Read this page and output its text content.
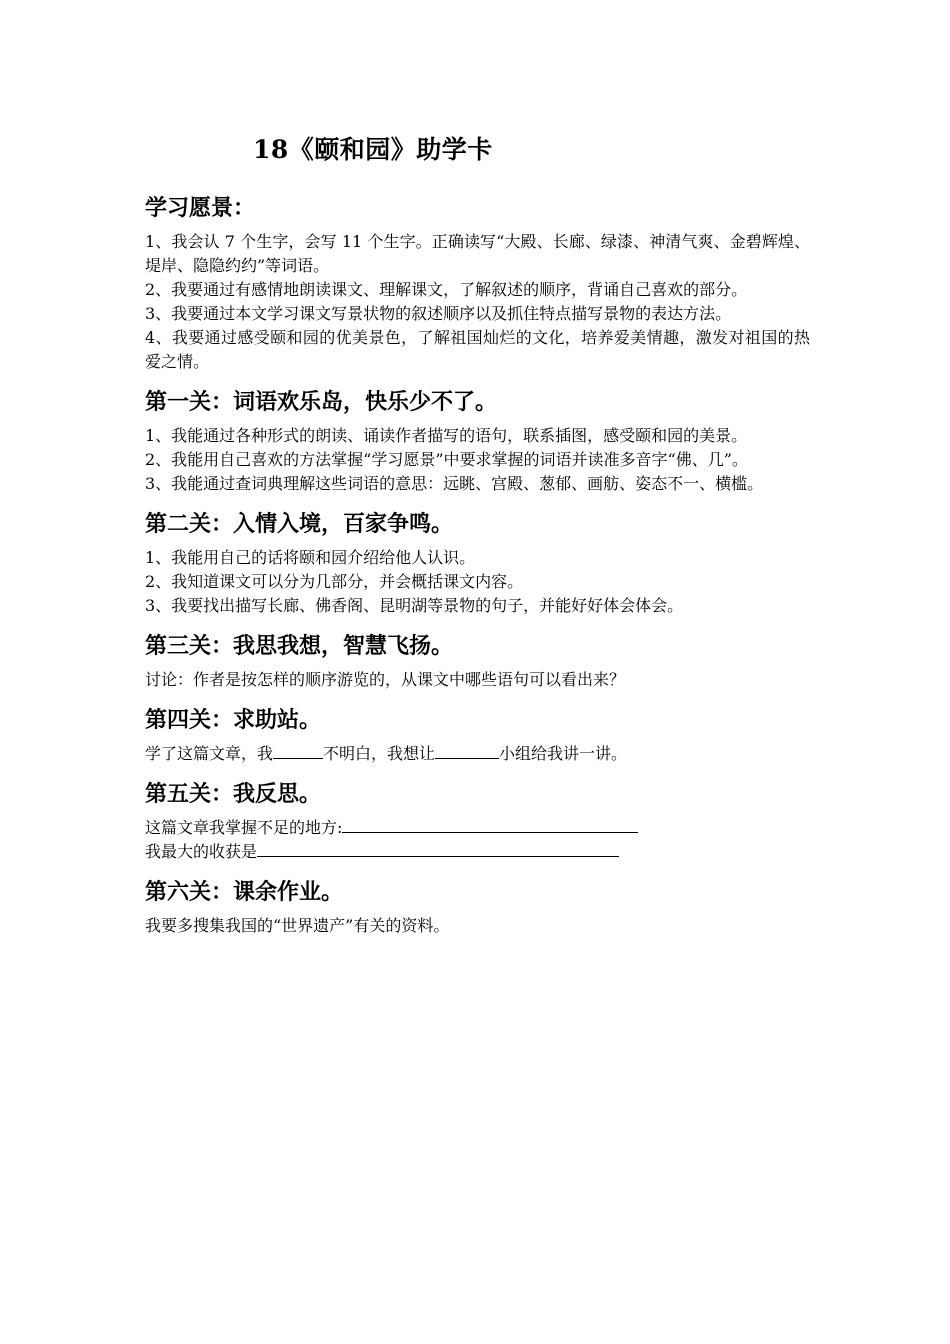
18《颐和园》助学卡
学习愿景：

1、我会认 7 个生字，会写 11 个生字。正确读写“大殿、长廊、绿漆、神清气爽、金碧辉煌、堤岸、隐隐约约”等词语。

2、我要通过有感情地朗读课文、理解课文，了解叙述的顺序，背诵自己喜欢的部分。

3、我要通过本文学习课文写景状物的叙述顺序以及抓住特点描写景物的表达方法。

4、我要通过感受颐和园的优美景色，了解祖国灿烂的文化，培养爱美情趣，激发对祖国的热爱之情。

第一关：词语欢乐岛，快乐少不了。

1、我能通过各种形式的朗读、诵读作者描写的语句，联系插图，感受颐和园的美景。

2、我能用自己喜欢的方法掌握“学习愿景”中要求掌握的词语并读准多音字“佛、几”。

3、我能通过查词典理解这些词语的意思：远眺、宫殿、葱郁、画舫、姿态不一、横槛。

第二关：入情入境，百家争鸣。

1、我能用自己的话将颐和园介绍给他人认识。

2、我知道课文可以分为几部分，并会概括课文内容。

3、我要找出描写长廊、佛香阁、昆明湖等景物的句子，并能好好体会体会。

第三关：我思我想，智慧飞扬。

讨论：作者是按怎样的顺序游览的，从课文中哪些语句可以看出来？

第四关：求助站。

学了这篇文章，我	不明白，我想让	小组给我讲一讲。

第五关：我反思。

这篇文章我掌握不足的地方:

我最大的收获是

第六关：课余作业。

我要多搜集我国的“世界遗产”有关的资料。
